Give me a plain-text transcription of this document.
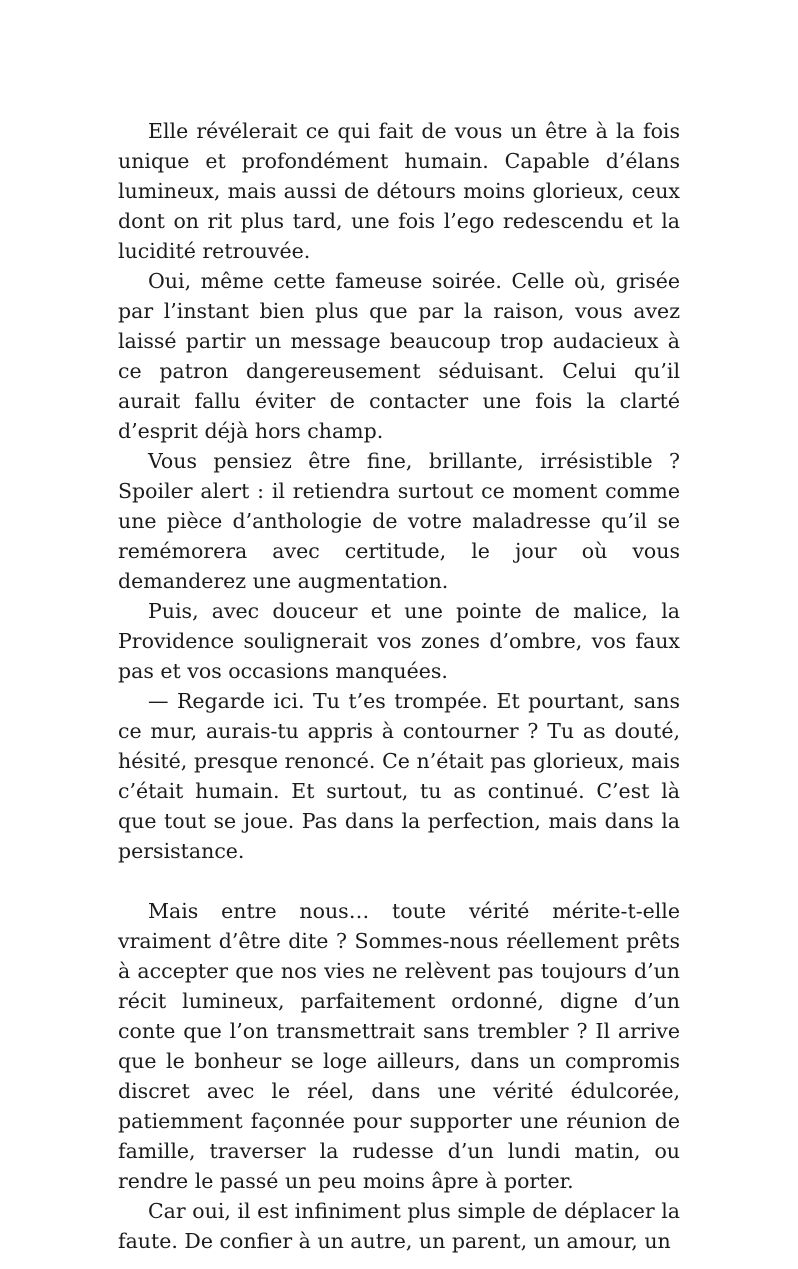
Elle révélerait ce qui fait de vous un être à la fois unique et profondément humain. Capable d’élans lumineux, mais aussi de détours moins glorieux, ceux dont on rit plus tard, une fois l’ego redescendu et la lucidité retrouvée.

Oui, même cette fameuse soirée. Celle où, grisée par l’instant bien plus que par la raison, vous avez laissé partir un message beaucoup trop audacieux à ce patron dangereusement séduisant. Celui qu’il aurait fallu éviter de contacter une fois la clarté d’esprit déjà hors champ.

Vous pensiez être fine, brillante, irrésistible ? Spoiler alert : il retiendra surtout ce moment comme une pièce d’anthologie de votre maladresse qu’il se remémorera avec certitude, le jour où vous demanderez une augmentation.

Puis, avec douceur et une pointe de malice, la Providence soulignerait vos zones d’ombre, vos faux pas et vos occasions manquées.

— Regarde ici. Tu t’es trompée. Et pourtant, sans ce mur, aurais-tu appris à contourner ? Tu as douté, hésité, presque renoncé. Ce n’était pas glorieux, mais c’était humain. Et surtout, tu as continué. C’est là que tout se joue. Pas dans la perfection, mais dans la persistance.

Mais entre nous… toute vérité mérite-t-elle vraiment d’être dite ? Sommes-nous réellement prêts à accepter que nos vies ne relèvent pas toujours d’un récit lumineux, parfaitement ordonné, digne d’un conte que l’on transmettrait sans trembler ? Il arrive que le bonheur se loge ailleurs, dans un compromis discret avec le réel, dans une vérité édulcorée, patiemment façonnée pour supporter une réunion de famille, traverser la rudesse d’un lundi matin, ou rendre le passé un peu moins âpre à porter.

Car oui, il est infiniment plus simple de déplacer la faute. De confier à un autre, un parent, un amour, un
